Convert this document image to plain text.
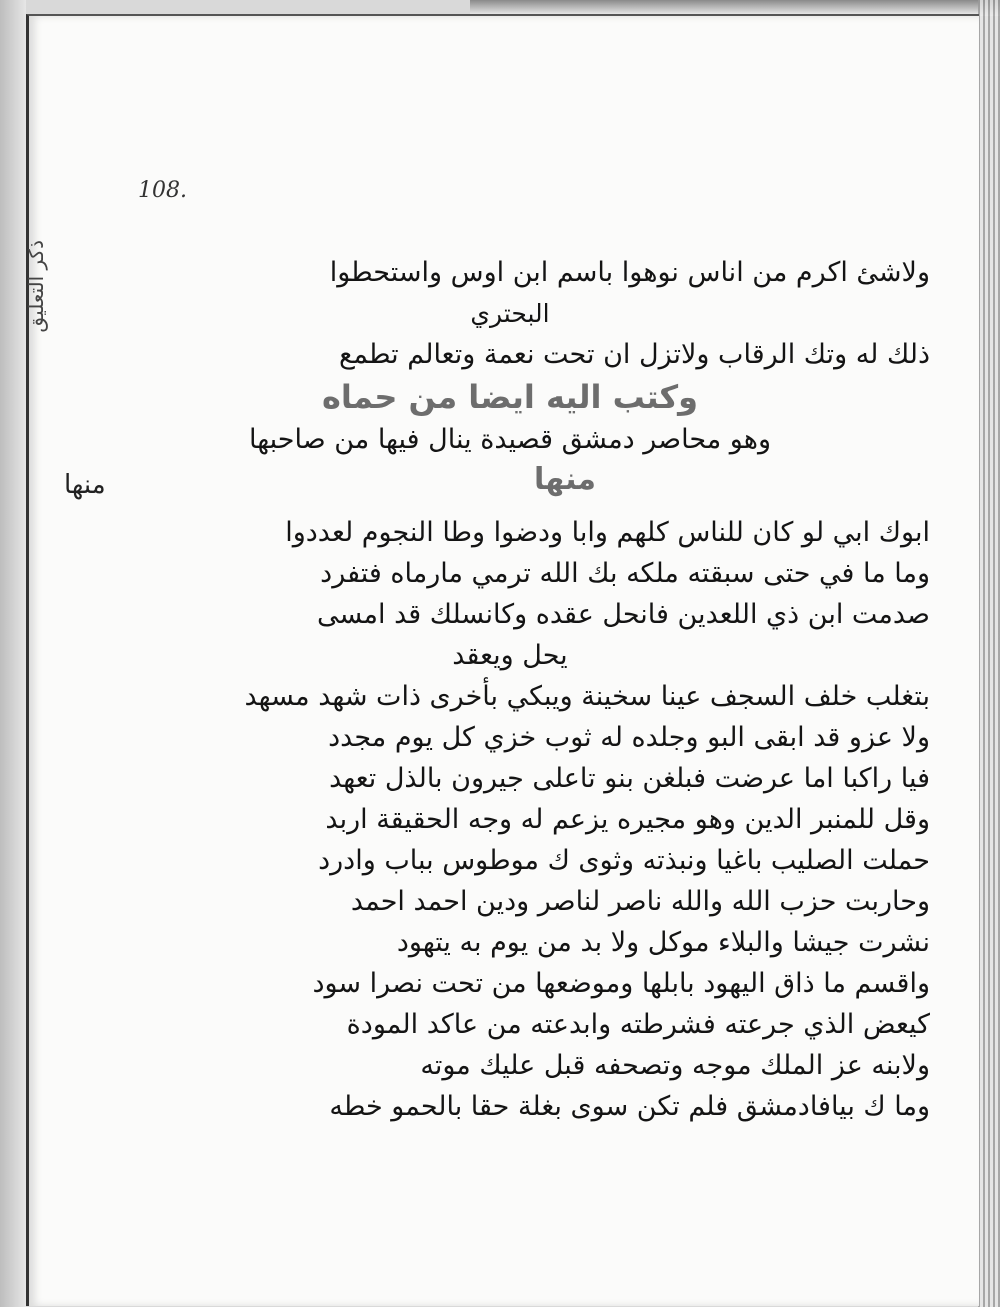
108.
ذكر التعليق
منها
ولاشئ اكرم من اناس نوهوا باسم ابن اوس واستحطوا
البحتري
ذلك له وتك الرقاب ولاتزل ان تحت نعمة وتعالم تطمع
وكتب اليه ايضا من حماه
وهو محاصر دمشق قصيدة ينال فيها من صاحبها
منها
ابوك ابي لو كان للناس كلهم وابا ودضوا وطا النجوم لعددوا
وما ما في حتى سبقته ملكه بك الله ترمي مارماه فتفرد
صدمت ابن ذي اللعدين فانحل عقده وكانسلك قد امسى
يحل ويعقد
بتغلب خلف السجف عينا سخينة ويبكي بأخرى ذات شهد مسهد
ولا عزو قد ابقى البو وجلده له ثوب خزي كل يوم مجدد
فيا راكبا اما عرضت فبلغن بنو تاعلى جيرون بالذل تعهد
وقل للمنبر الدين وهو مجيره يزعم له وجه الحقيقة اربد
حملت الصليب باغيا ونبذته وثوى ك موطوس بباب وادرد
وحاربت حزب الله والله ناصر لناصر ودين احمد احمد
نشرت جيشا والبلاء موكل ولا بد من يوم به يتهود
واقسم ما ذاق اليهود بابلها وموضعها من تحت نصرا سود
كيعض الذي جرعته فشرطته وابدعته من عاكد المودة
ولابنه عز الملك موجه وتصحفه قبل عليك موته
وما ك بيافادمشق فلم تكن سوى بغلة حقا بالحمو خطه
